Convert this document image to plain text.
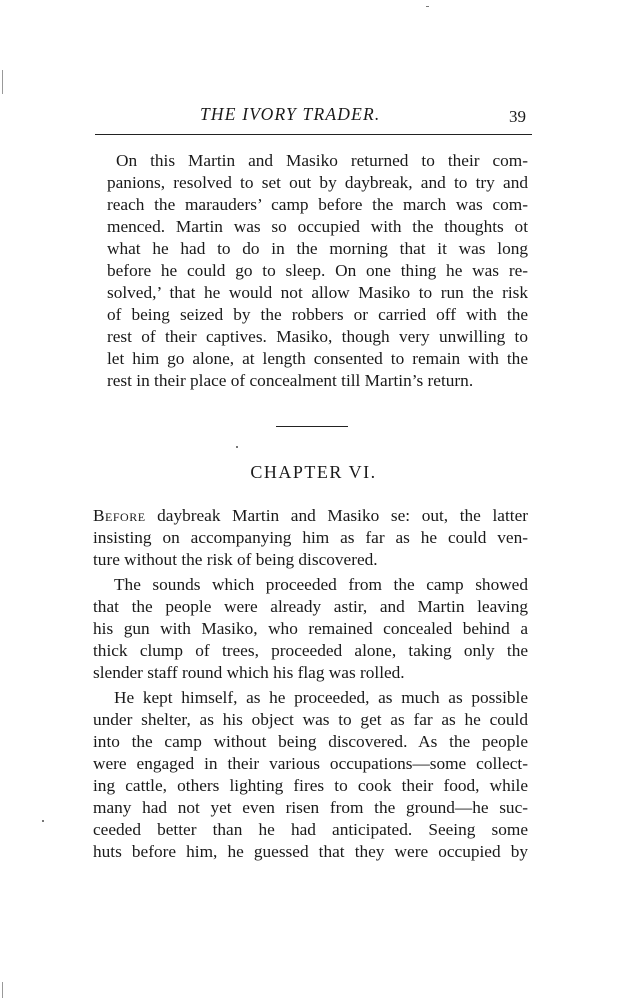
THE IVORY TRADER.	39
On this Martin and Masiko returned to their com-
panions, resolved to set out by daybreak, and to try and
reach the marauders’ camp before the march was com-
menced. Martin was so occupied with the thoughts ot
what he had to do in the morning that it was long
before he could go to sleep. On one thing he was re-
solved,’ that he would not allow Masiko to run the risk
of being seized by the robbers or carried off with the
rest of their captives. Masiko, though very unwilling to
let him go alone, at length consented to remain with the
rest in their place of concealment till Martin’s return.
CHAPTER VI.
Before daybreak Martin and Masiko se: out, the latter
insisting on accompanying him as far as he could ven-
ture without the risk of being discovered.
The sounds which proceeded from the camp showed
that the people were already astir, and Martin leaving
his gun with Masiko, who remained concealed behind a
thick clump of trees, proceeded alone, taking only the
slender staff round which his flag was rolled.
He kept himself, as he proceeded, as much as possible
under shelter, as his object was to get as far as he could
into the camp without being discovered. As the people
were engaged in their various occupations—some collect-
ing cattle, others lighting fires to cook their food, while
many had not yet even risen from the ground—he suc-
ceeded better than he had anticipated. Seeing some
huts before him, he guessed that they were occupied by
